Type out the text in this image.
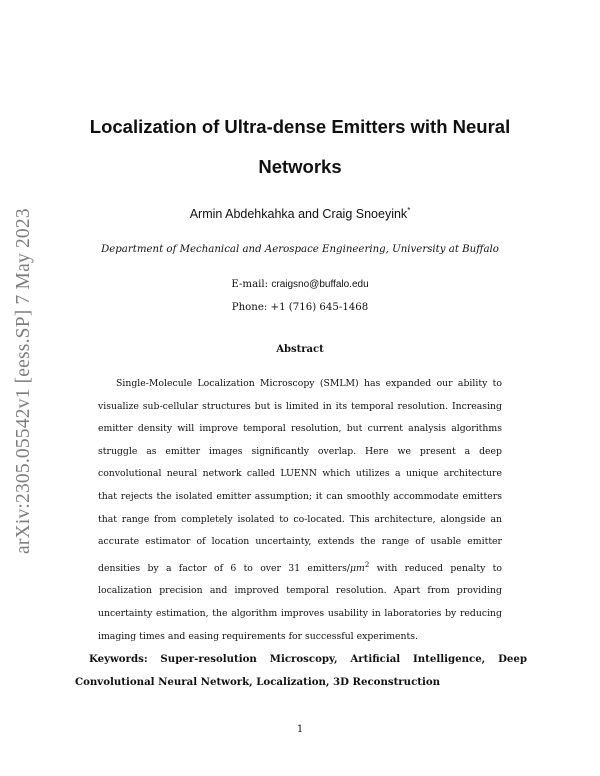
arXiv:2305.05542v1 [eess.SP] 7 May 2023
Localization of Ultra-dense Emitters with Neural
Networks
Armin Abdehkahka and Craig Snoeyink*
Department of Mechanical and Aerospace Engineering, University at Buffalo
E-mail: craigsno@buffalo.edu
Phone: +1 (716) 645-1468
Abstract

Single-Molecule Localization Microscopy (SMLM) has expanded our ability to visualize sub-cellular structures but is limited in its temporal resolution. Increasing emitter density will improve temporal resolution, but current analysis algorithms struggle as emitter images significantly overlap. Here we present a deep convolutional neural network called LUENN which utilizes a unique architecture that rejects the isolated emitter assumption; it can smoothly accommodate emitters that range from completely isolated to co-located. This architecture, alongside an accurate estimator of location uncertainty, extends the range of usable emitter densities by a factor of 6 to over 31 emitters/$\mu m^2$ with reduced penalty to localization precision and improved temporal resolution. Apart from providing uncertainty estimation, the algorithm improves usability in laboratories by reducing imaging times and easing requirements for successful experiments.

Keywords: Super-resolution Microscopy, Artificial Intelligence, Deep Convolutional Neural Network, Localization, 3D Reconstruction

1
